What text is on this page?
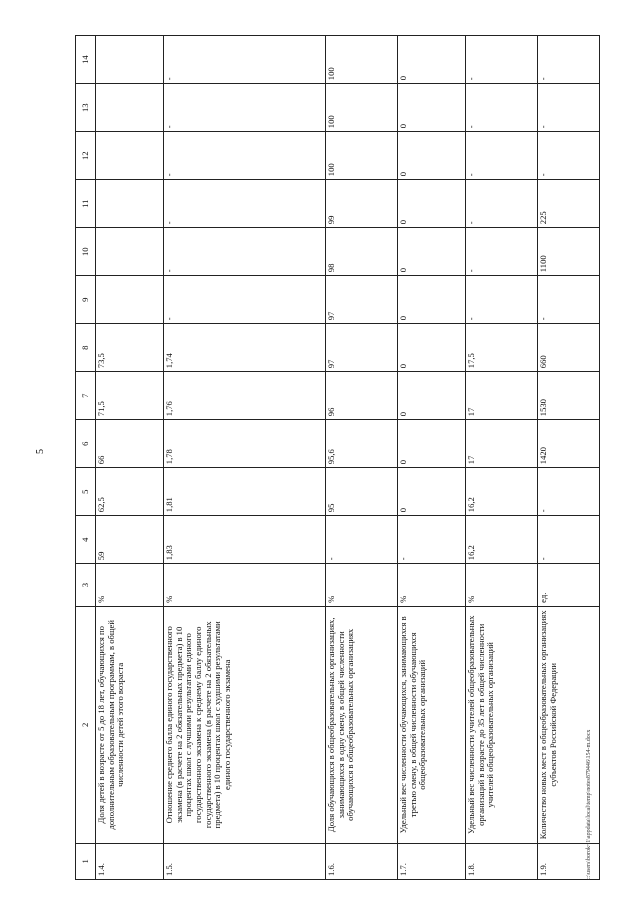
5
1	2	3	4	5	6	7	8	9	10	11	12	13	14
1.4.	Доля детей в возрасте от 5 до 18 лет, обучающихся по дополнительным образовательным программам, в общей численности детей этого возраста	%	59	62,5	66	71,5	73,5						
1.5.	Отношение среднего балла единого государственного экзамена (в расчете на 2 обязательных предмета) в 10 процентах школ с лучшими результатами единого государственного экзамена к среднему баллу единого государственного экзамена (в расчете на 2 обязательных предмета) в 10 процентах школ с худшими результатами единого государственного экзамена	%	1,83	1,81	1,78	1,76	1,74	-	-	-	-	-	-
1.6.	Доля обучающихся в общеобразовательных организациях, занимающихся в одну смену, в общей численности обучающихся в общеобразовательных организациях	%	-	95	95,6	96	97	97	98	99	100	100	100
1.7.	Удельный вес численности обучающихся, занимающихся в третью смену, в общей численности обучающихся общеобразовательных организаций	%	-	0	0	0	0	0	0	0	0	0	0
1.8.	Удельный вес численности учителей общеобразовательных организаций в возрасте до 35 лет в общей численности учителей общеобразовательных организаций	%	16,2	16,2	17	17	17,5	-	-	-	-	-	-
1.9.	Количество новых мест в общеобразовательных организациях субъектов Российской Федерации	ед.	-	-	1420	1530	660	-	1100	225	-	-	-
c:\users\borok~1\appdata\local\temp\notes879446\154-m.docx
